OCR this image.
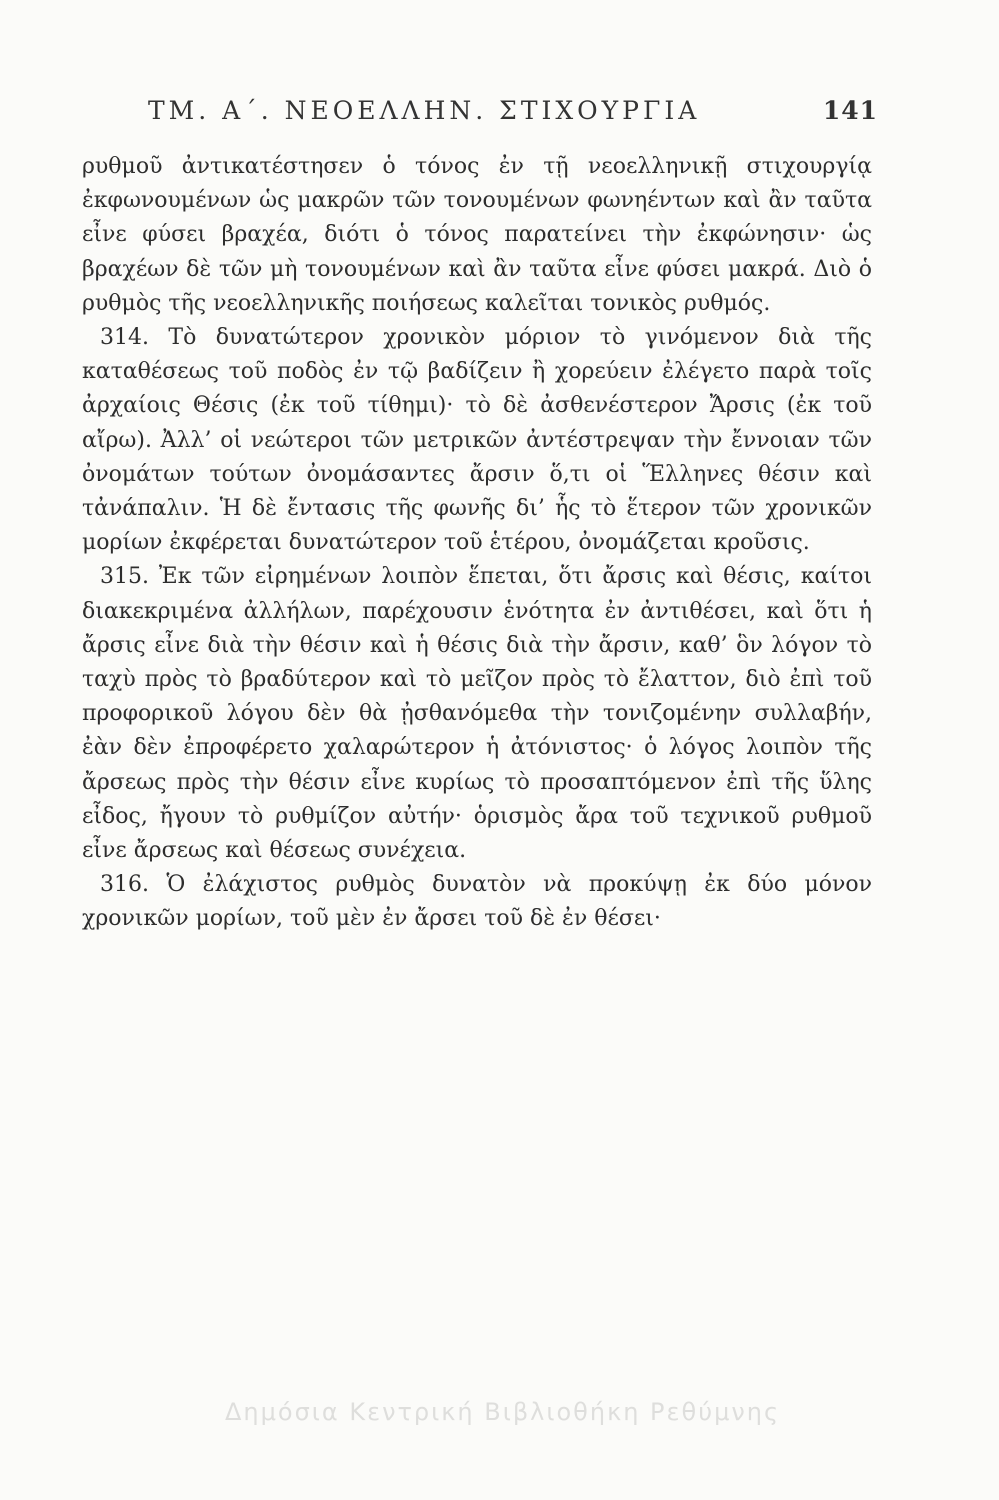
ΤΜ. Α΄. ΝΕΟΕΛΛΗΝ. ΣΤΙΧΟΥΡΓΙΑ	141

ρυθμοῦ ἀντικατέστησεν ὁ τόνος ἐν τῇ νεοελληνικῇ στιχουργίᾳ ἐκφωνουμένων ὡς μακρῶν τῶν τονουμένων φωνηέντων καὶ ἂν ταῦτα εἶνε φύσει βραχέα, διότι ὁ τόνος παρατείνει τὴν ἐκφώνησιν· ὡς βραχέων δὲ τῶν μὴ τονουμένων καὶ ἂν ταῦτα εἶνε φύσει μακρά. Διὸ ὁ ρυθμὸς τῆς νεοελληνικῆς ποιήσεως καλεῖται τονικὸς ρυθμός.

314. Τὸ δυνατώτερον χρονικὸν μόριον τὸ γινόμενον διὰ τῆς καταθέσεως τοῦ ποδὸς ἐν τῷ βαδίζειν ἢ χορεύειν ἐλέγετο παρὰ τοῖς ἀρχαίοις Θέσις (ἐκ τοῦ τίθημι)· τὸ δὲ ἀσθενέστερον Ἄρσις (ἐκ τοῦ αἴρω). Ἀλλ’ οἱ νεώτεροι τῶν μετρικῶν ἀντέστρεψαν τὴν ἔννοιαν τῶν ὀνομάτων τούτων ὀνομάσαντες ἄρσιν ὅ,τι οἱ Ἕλληνες θέσιν καὶ τἀνάπαλιν. Ἡ δὲ ἔντασις τῆς φωνῆς δι’ ἧς τὸ ἕτερον τῶν χρονικῶν μορίων ἐκφέρεται δυνατώτερον τοῦ ἑτέρου, ὀνομάζεται κροῦσις.

315. Ἐκ τῶν εἰρημένων λοιπὸν ἕπεται, ὅτι ἄρσις καὶ θέσις, καίτοι διακεκριμένα ἀλλήλων, παρέχουσιν ἑνότητα ἐν ἀντιθέσει, καὶ ὅτι ἡ ἄρσις εἶνε διὰ τὴν θέσιν καὶ ἡ θέσις διὰ τὴν ἄρσιν, καθ’ ὃν λόγον τὸ ταχὺ πρὸς τὸ βραδύτερον καὶ τὸ μεῖζον πρὸς τὸ ἔλαττον, διὸ ἐπὶ τοῦ προφορικοῦ λόγου δὲν θὰ ᾐσθανόμεθα τὴν τονιζομένην συλλαβήν, ἐὰν δὲν ἐπροφέρετο χαλαρώτερον ἡ ἀτόνιστος· ὁ λόγος λοιπὸν τῆς ἄρσεως πρὸς τὴν θέσιν εἶνε κυρίως τὸ προσαπτόμενον ἐπὶ τῆς ὕλης εἶδος, ἤγουν τὸ ρυθμίζον αὐτήν· ὁρισμὸς ἄρα τοῦ τεχνικοῦ ρυθμοῦ εἶνε ἄρσεως καὶ θέσεως συνέχεια.

316. Ὁ ἐλάχιστος ρυθμὸς δυνατὸν νὰ προκύψῃ ἐκ δύο μόνον χρονικῶν μορίων, τοῦ μὲν ἐν ἄρσει τοῦ δὲ ἐν θέσει·

Δημόσια Κεντρική Βιβλιοθήκη Ρεθύμνης
